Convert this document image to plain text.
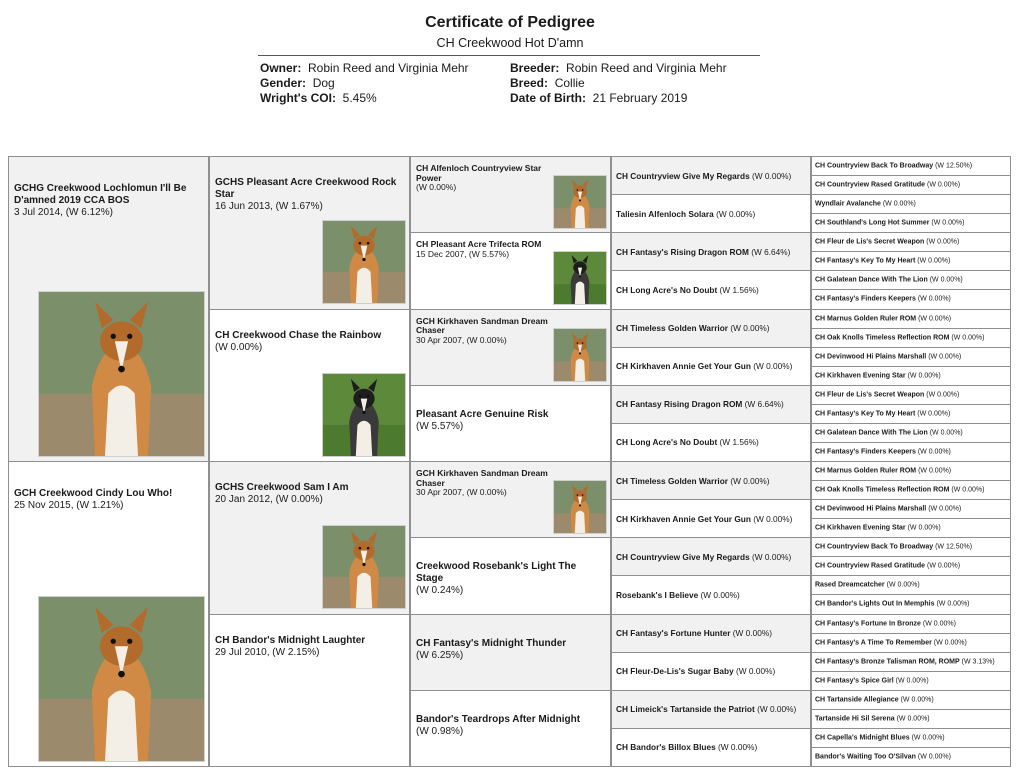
Certificate of Pedigree
CH Creekwood Hot D'amn
Owner: Robin Reed and Virginia Mehr
Gender: Dog
Wright's COI: 5.45%
Breeder: Robin Reed and Virginia Mehr
Breed: Collie
Date of Birth: 21 February 2019
GCHG Creekwood Lochlomun I'll Be D'amned 2019 CCA BOS
3 Jul 2014, (W 6.12%)
GCH Creekwood Cindy Lou Who!
25 Nov 2015, (W 1.21%)
GCHS Pleasant Acre Creekwood Rock Star
16 Jun 2013, (W 1.67%)
CH Creekwood Chase the Rainbow
(W 0.00%)
GCHS Creekwood Sam I Am
20 Jan 2012, (W 0.00%)
CH Bandor's Midnight Laughter
29 Jul 2010, (W 2.15%)
CH Alfenloch Countryview Star Power
(W 0.00%)
CH Pleasant Acre Trifecta ROM
15 Dec 2007, (W 5.57%)
GCH Kirkhaven Sandman Dream Chaser
30 Apr 2007, (W 0.00%)
Pleasant Acre Genuine Risk
(W 5.57%)
GCH Kirkhaven Sandman Dream Chaser
30 Apr 2007, (W 0.00%)
Creekwood Rosebank's Light The Stage
(W 0.24%)
CH Fantasy's Midnight Thunder
(W 6.25%)
Bandor's Teardrops After Midnight
(W 0.98%)
CH Countryview Give My Regards (W 0.00%)
Taliesin Alfenloch Solara (W 0.00%)
CH Fantasy's Rising Dragon ROM (W 6.64%)
CH Long Acre's No Doubt (W 1.56%)
CH Timeless Golden Warrior (W 0.00%)
CH Kirkhaven Annie Get Your Gun (W 0.00%)
CH Fantasy Rising Dragon ROM (W 6.64%)
CH Long Acre's No Doubt (W 1.56%)
CH Timeless Golden Warrior (W 0.00%)
CH Kirkhaven Annie Get Your Gun (W 0.00%)
CH Countryview Give My Regards (W 0.00%)
Rosebank's I Believe (W 0.00%)
CH Fantasy's Fortune Hunter (W 0.00%)
CH Fleur-De-Lis's Sugar Baby (W 0.00%)
CH Limeick's Tartanside the Patriot (W 0.00%)
CH Bandor's Billox Blues (W 0.00%)
CH Countryview Back To Broadway (W 12.50%)
CH Countryview Rased Gratitude (W 0.00%)
Wyndlair Avalanche (W 0.00%)
CH Southland's Long Hot Summer (W 0.00%)
CH Fleur de Lis's Secret Weapon (W 0.00%)
CH Fantasy's Key To My Heart (W 0.00%)
CH Galatean Dance With The Lion (W 0.00%)
CH Fantasy's Finders Keepers (W 0.00%)
CH Marnus Golden Ruler ROM (W 0.00%)
CH Oak Knolls Timeless Reflection ROM (W 0.00%)
CH Devinwood Hi Plains Marshall (W 0.00%)
CH Kirkhaven Evening Star (W 0.00%)
CH Fleur de Lis's Secret Weapon (W 0.00%)
CH Fantasy's Key To My Heart (W 0.00%)
CH Galatean Dance With The Lion (W 0.00%)
CH Fantasy's Finders Keepers (W 0.00%)
CH Marnus Golden Ruler ROM (W 0.00%)
CH Oak Knolls Timeless Reflection ROM (W 0.00%)
CH Devinwood Hi Plains Marshall (W 0.00%)
CH Kirkhaven Evening Star (W 0.00%)
CH Countryview Back To Broadway (W 12.50%)
CH Countryview Rased Gratitude (W 0.00%)
Rased Dreamcatcher (W 0.00%)
CH Bandor's Lights Out In Memphis (W 0.00%)
CH Fantasy's Fortune In Bronze (W 0.00%)
CH Fantasy's A Time To Remember (W 0.00%)
CH Fantasy's Bronze Talisman ROM, ROMP (W 3.13%)
CH Fantasy's Spice Girl (W 0.00%)
CH Tartanside Allegiance (W 0.00%)
Tartanside Hi Sil Serena (W 0.00%)
CH Capella's Midnight Blues (W 0.00%)
Bandor's Waiting Too O'Silvan (W 0.00%)
